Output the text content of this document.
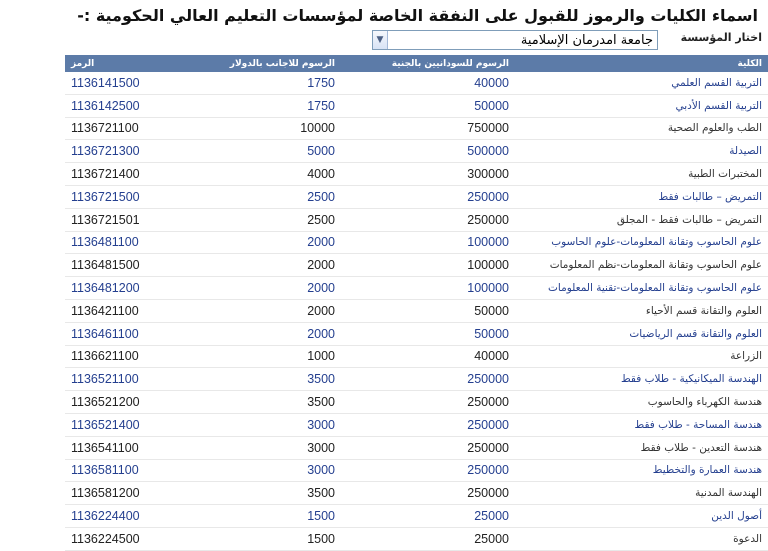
اسماء الكليات والرموز للقبول على النفقة الخاصة لمؤسسات التعليم العالي الحكومية :-
اختار المؤسسة
جامعة امدرمان الإسلامية
▼
الرمز	الرسوم للاجانب بالدولار	الرسوم للسودانيين بالجنية	الكلية
1136141500	1750	40000	التربية القسم العلمي
1136142500	1750	50000	التربية القسم الأدبي
1136721100	10000	750000	الطب والعلوم الصحية
1136721300	5000	500000	الصيدلة
1136721400	4000	300000	المختبرات الطبية
1136721500	2500	250000	التمريض – طالبات فقط
1136721501	2500	250000	التمريض – طالبات فقط - المجلق
1136481100	2000	100000	علوم الحاسوب وتقانة المعلومات-علوم الحاسوب
1136481500	2000	100000	علوم الحاسوب وتقانة المعلومات-نظم المعلومات
1136481200	2000	100000	علوم الحاسوب وتقانة المعلومات-تقنية المعلومات
1136421100	2000	50000	العلوم والتقانة قسم الأحياء
1136461100	2000	50000	العلوم والتقانة قسم الرياضيات
1136621100	1000	40000	الزراعة
1136521100	3500	250000	الهندسة الميكانيكية - طلاب فقط
1136521200	3500	250000	هندسة الكهرباء والحاسوب
1136521400	3000	250000	هندسة المساحة - طلاب فقط
1136541100	3000	250000	هندسة التعدين - طلاب فقط
1136581100	3000	250000	هندسة العمارة والتخطيط
1136581200	3500	250000	الهندسة المدنية
1136224400	1500	25000	أصول الدين
1136224500	1500	25000	الدعوة
